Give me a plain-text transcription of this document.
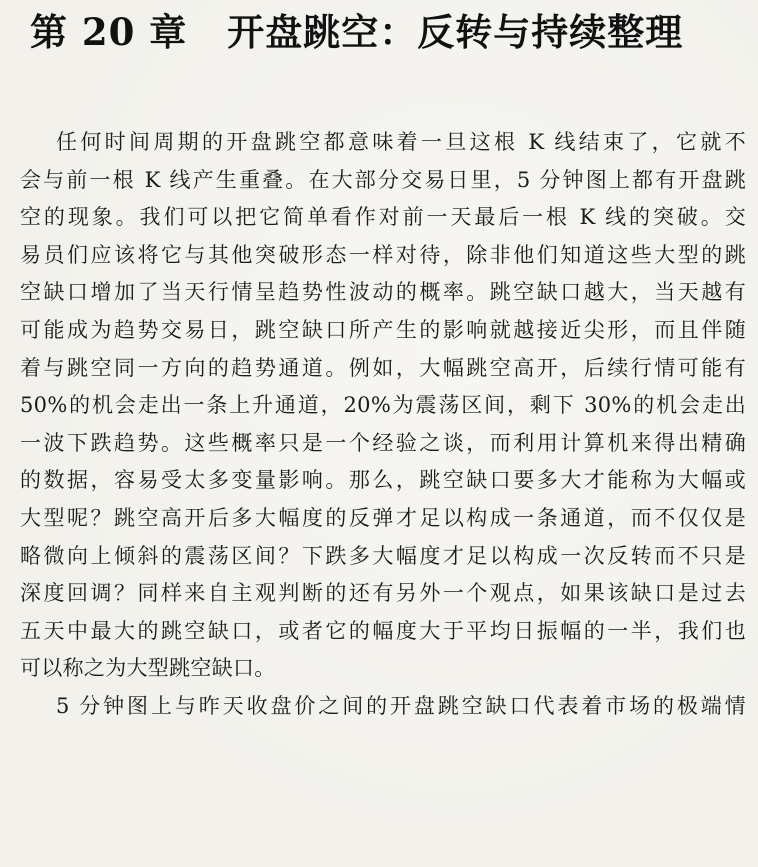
第 20 章 开盘跳空：反转与持续整理
任何时间周期的开盘跳空都意味着一旦这根 K 线结束了，它就不
会与前一根 K 线产生重叠。在大部分交易日里，5 分钟图上都有开盘跳
空的现象。我们可以把它简单看作对前一天最后一根 K 线的突破。交
易员们应该将它与其他突破形态一样对待，除非他们知道这些大型的跳
空缺口增加了当天行情呈趋势性波动的概率。跳空缺口越大，当天越有
可能成为趋势交易日，跳空缺口所产生的影响就越接近尖形，而且伴随
着与跳空同一方向的趋势通道。例如，大幅跳空高开，后续行情可能有
50%的机会走出一条上升通道，20%为震荡区间，剩下 30%的机会走出
一波下跌趋势。这些概率只是一个经验之谈，而利用计算机来得出精确
的数据，容易受太多变量影响。那么，跳空缺口要多大才能称为大幅或
大型呢？跳空高开后多大幅度的反弹才足以构成一条通道，而不仅仅是
略微向上倾斜的震荡区间？下跌多大幅度才足以构成一次反转而不只是
深度回调？同样来自主观判断的还有另外一个观点，如果该缺口是过去
五天中最大的跳空缺口，或者它的幅度大于平均日振幅的一半，我们也
可以称之为大型跳空缺口。
5 分钟图上与昨天收盘价之间的开盘跳空缺口代表着市场的极端情
